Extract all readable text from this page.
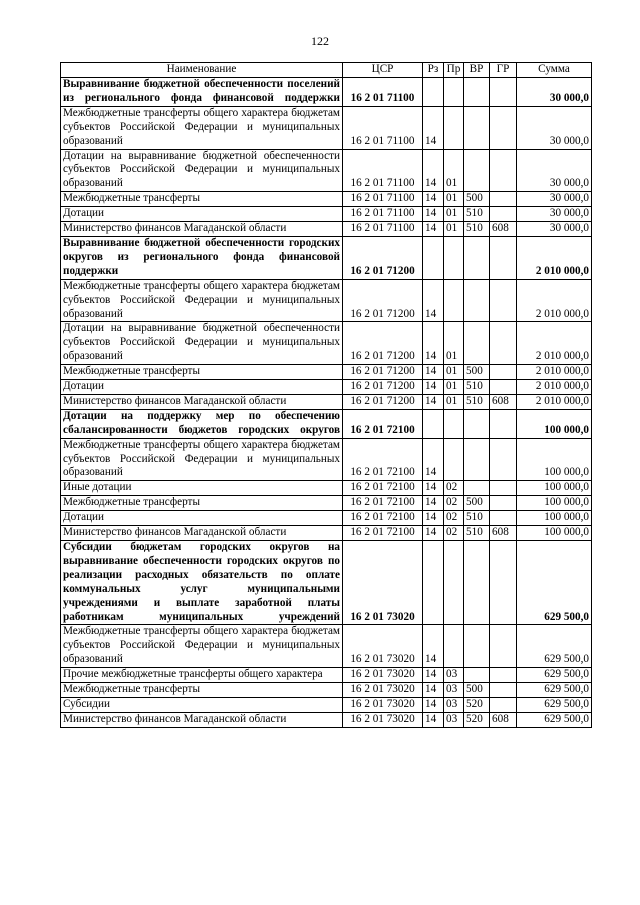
122
Наименование	ЦСР	Рз	Пр	ВР	ГР	Сумма
Выравнивание бюджетной обеспеченности поселений из регионального фонда финансовой поддержки	16 2 01 71100					30 000,0
Межбюджетные трансферты общего характера бюджетам субъектов Российской Федерации и муниципальных образований	16 2 01 71100	14				30 000,0
Дотации на выравнивание бюджетной обеспеченности субъектов Российской Федерации и муниципальных образований	16 2 01 71100	14	01			30 000,0
Межбюджетные трансферты	16 2 01 71100	14	01	500		30 000,0
Дотации	16 2 01 71100	14	01	510		30 000,0
Министерство финансов Магаданской области	16 2 01 71100	14	01	510	608	30 000,0
Выравнивание бюджетной обеспеченности городских округов из регионального фонда финансовой поддержки	16 2 01 71200					2 010 000,0
Межбюджетные трансферты общего характера бюджетам субъектов Российской Федерации и муниципальных образований	16 2 01 71200	14				2 010 000,0
Дотации на выравнивание бюджетной обеспеченности субъектов Российской Федерации и муниципальных образований	16 2 01 71200	14	01			2 010 000,0
Межбюджетные трансферты	16 2 01 71200	14	01	500		2 010 000,0
Дотации	16 2 01 71200	14	01	510		2 010 000,0
Министерство финансов Магаданской области	16 2 01 71200	14	01	510	608	2 010 000,0
Дотации на поддержку мер по обеспечению сбалансированности бюджетов городских округов	16 2 01 72100					100 000,0
Межбюджетные трансферты общего характера бюджетам субъектов Российской Федерации и муниципальных образований	16 2 01 72100	14				100 000,0
Иные дотации	16 2 01 72100	14	02			100 000,0
Межбюджетные трансферты	16 2 01 72100	14	02	500		100 000,0
Дотации	16 2 01 72100	14	02	510		100 000,0
Министерство финансов Магаданской области	16 2 01 72100	14	02	510	608	100 000,0
Субсидии бюджетам городских округов на выравнивание обеспеченности городских округов по реализации расходных обязательств по оплате коммунальных услуг муниципальными учреждениями и выплате заработной платы работникам муниципальных учреждений	16 2 01 73020					629 500,0
Межбюджетные трансферты общего характера бюджетам субъектов Российской Федерации и муниципальных образований	16 2 01 73020	14				629 500,0
Прочие межбюджетные трансферты общего характера	16 2 01 73020	14	03			629 500,0
Межбюджетные трансферты	16 2 01 73020	14	03	500		629 500,0
Субсидии	16 2 01 73020	14	03	520		629 500,0
Министерство финансов Магаданской области	16 2 01 73020	14	03	520	608	629 500,0
